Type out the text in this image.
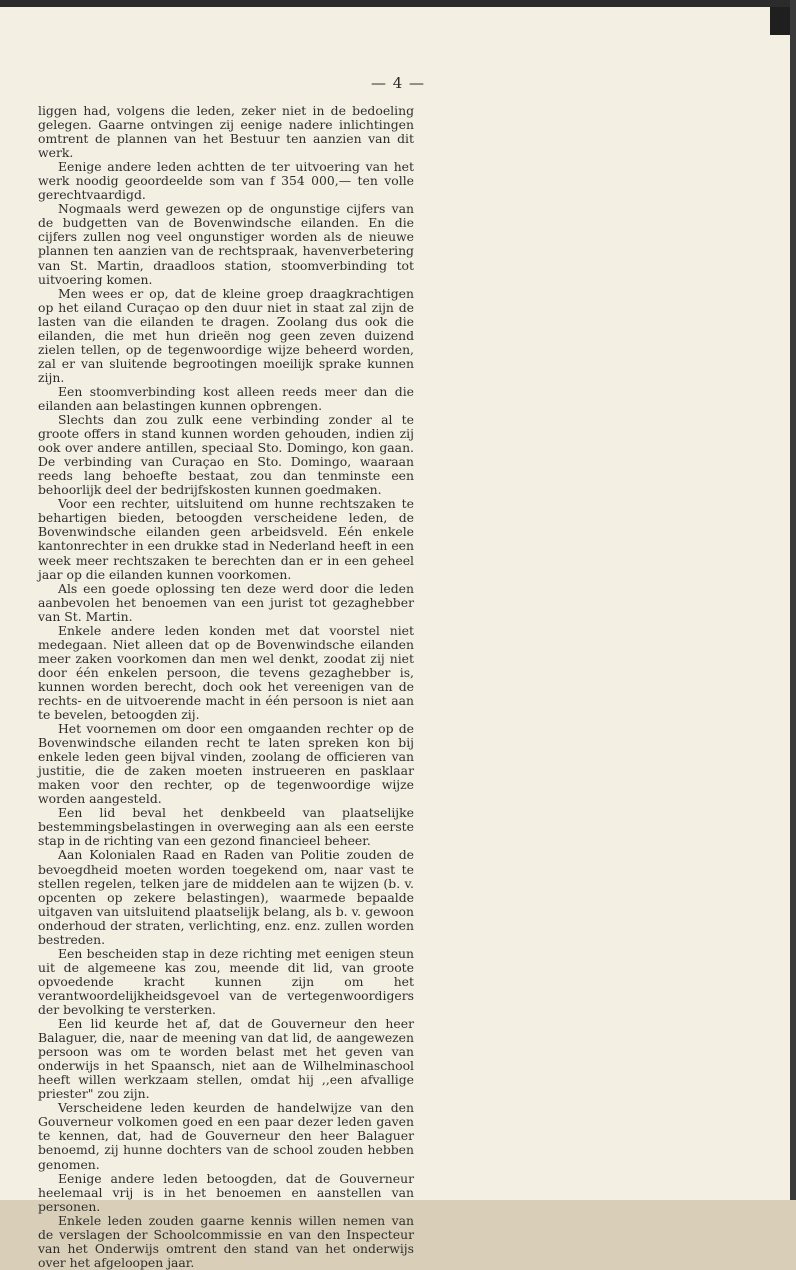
— 4 —

liggen had, volgens die leden, zeker niet in de bedoeling gelegen. Gaarne ontvingen zij eenige nadere inlichtingen omtrent de plannen van het Bestuur ten aanzien van dit werk.

Eenige andere leden achtten de ter uitvoering van het werk noodig geoordeelde som van f 354 000,— ten volle gerechtvaardigd.

Nogmaals werd gewezen op de ongunstige cijfers van de budgetten van de Bovenwindsche eilanden. En die cijfers zullen nog veel ongunstiger worden als de nieuwe plannen ten aanzien van de rechtspraak, havenverbetering van St. Martin, draadloos station, stoomverbinding tot uitvoering komen.

Men wees er op, dat de kleine groep draagkrachtigen op het eiland Curaçao op den duur niet in staat zal zijn de lasten van die eilanden te dragen. Zoolang dus ook die eilanden, die met hun drieën nog geen zeven duizend zielen tellen, op de tegenwoordige wijze beheerd worden, zal er van sluitende begrootingen moeilijk sprake kunnen zijn.

Een stoomverbinding kost alleen reeds meer dan die eilanden aan belastingen kunnen opbrengen.

Slechts dan zou zulk eene verbinding zonder al te groote offers in stand kunnen worden gehouden, indien zij ook over andere antillen, speciaal Sto. Domingo, kon gaan. De verbinding van Curaçao en Sto. Domingo, waaraan reeds lang behoefte bestaat, zou dan tenminste een behoorlijk deel der bedrijfskosten kunnen goedmaken.

Voor een rechter, uitsluitend om hunne rechtszaken te behartigen bieden, betoogden verscheidene leden, de Bovenwindsche eilanden geen arbeidsveld. Eén enkele kantonrechter in een drukke stad in Nederland heeft in een week meer rechtszaken te berechten dan er in een geheel jaar op die eilanden kunnen voorkomen.

Als een goede oplossing ten deze werd door die leden aanbevolen het benoemen van een jurist tot gezaghebber van St. Martin.

Enkele andere leden konden met dat voorstel niet medegaan. Niet alleen dat op de Bovenwindsche eilanden meer zaken voorkomen dan men wel denkt, zoodat zij niet door één enkelen persoon, die tevens gezaghebber is, kunnen worden berecht, doch ook het vereenigen van de rechts- en de uitvoerende macht in één persoon is niet aan te bevelen, betoogden zij.

Het voornemen om door een omgaanden rechter op de Bovenwindsche eilanden recht te laten spreken kon bij enkele leden geen bijval vinden, zoolang de officieren van justitie, die de zaken moeten instrueeren en pasklaar maken voor den rechter, op de tegenwoordige wijze worden aangesteld.

Een lid beval het denkbeeld van plaatselijke bestemmingsbelastingen in overweging aan als een eerste stap in de richting van een gezond financieel beheer.

Aan Kolonialen Raad en Raden van Politie zouden de bevoegdheid moeten worden toegekend om, naar vast te stellen regelen, telken jare de middelen aan te wijzen (b. v. opcenten op zekere belastingen), waarmede bepaalde uitgaven van uitsluitend plaatselijk belang, als b. v. gewoon onderhoud der straten, verlichting, enz. enz. zullen worden bestreden.

Een bescheiden stap in deze richting met eenigen steun uit de algemeene kas zou, meende dit lid, van groote opvoedende kracht kunnen zijn om het verantwoordelijkheidsgevoel van de vertegenwoordigers der bevolking te versterken.

Een lid keurde het af, dat de Gouverneur den heer Balaguer, die, naar de meening van dat lid, de aangewezen persoon was om te worden belast met het geven van onderwijs in het Spaansch, niet aan de Wilhelminaschool heeft willen werkzaam stellen, omdat hij ,,een afvallige priester" zou zijn.

Verscheidene leden keurden de handelwijze van den Gouverneur volkomen goed en een paar dezer leden gaven te kennen, dat, had de Gouverneur den heer Balaguer benoemd, zij hunne dochters van de school zouden hebben genomen.

Eenige andere leden betoogden, dat de Gouverneur heelemaal vrij is in het benoemen en aanstellen van personen.

Enkele leden zouden gaarne kennis willen nemen van de verslagen der Schoolcommissie en van den Inspecteur van het Onderwijs omtrent den stand van het onderwijs over het afgeloopen jaar.
